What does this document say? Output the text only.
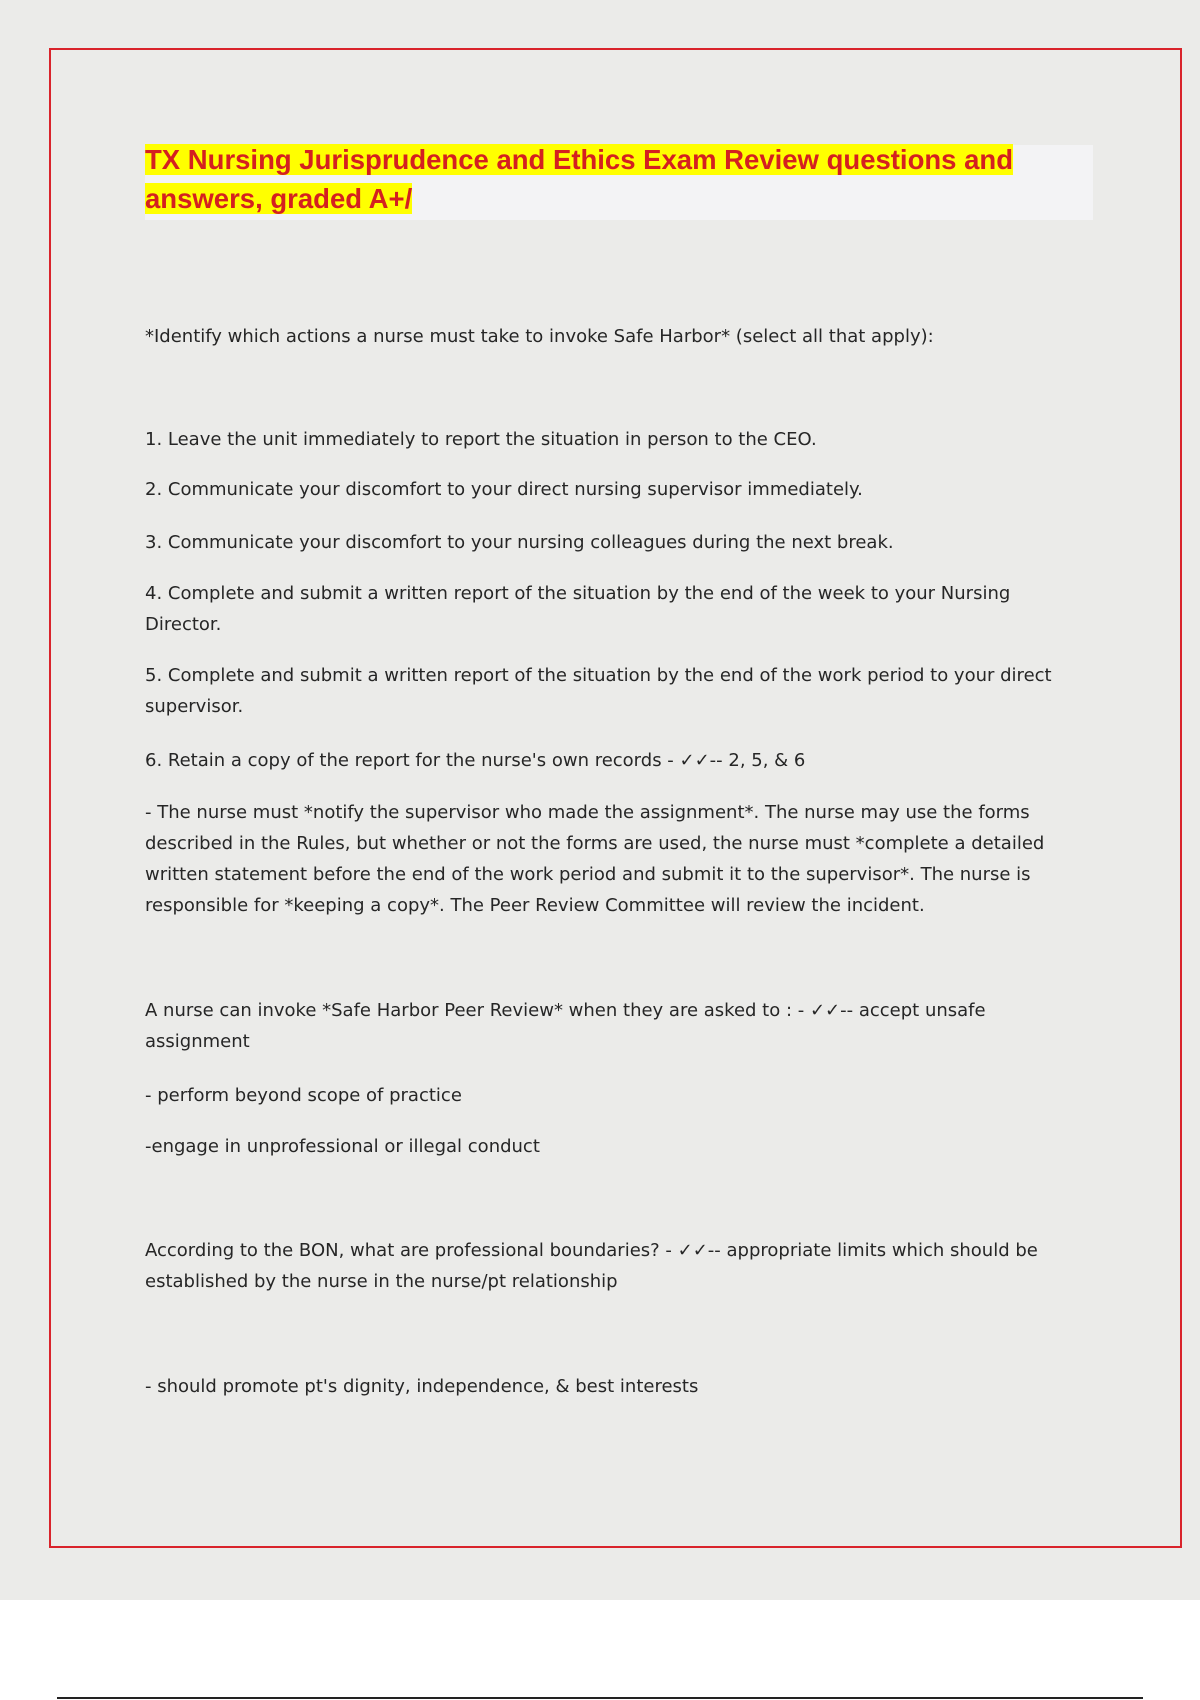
TX Nursing Jurisprudence and Ethics Exam Review questions and
answers, graded A+/

*Identify which actions a nurse must take to invoke Safe Harbor* (select all that apply):

1. Leave the unit immediately to report the situation in person to the CEO.

2. Communicate your discomfort to your direct nursing supervisor immediately.

3. Communicate your discomfort to your nursing colleagues during the next break.

4. Complete and submit a written report of the situation by the end of the week to your Nursing Director.

5. Complete and submit a written report of the situation by the end of the work period to your direct supervisor.

6. Retain a copy of the report for the nurse's own records - ✓✓-- 2, 5, & 6

- The nurse must *notify the supervisor who made the assignment*. The nurse may use the forms described in the Rules, but whether or not the forms are used, the nurse must *complete a detailed written statement before the end of the work period and submit it to the supervisor*. The nurse is responsible for *keeping a copy*. The Peer Review Committee will review the incident.

A nurse can invoke *Safe Harbor Peer Review* when they are asked to : - ✓✓-- accept unsafe assignment

- perform beyond scope of practice

-engage in unprofessional or illegal conduct

According to the BON, what are professional boundaries? - ✓✓-- appropriate limits which should be established by the nurse in the nurse/pt relationship

- should promote pt's dignity, independence, & best interests
